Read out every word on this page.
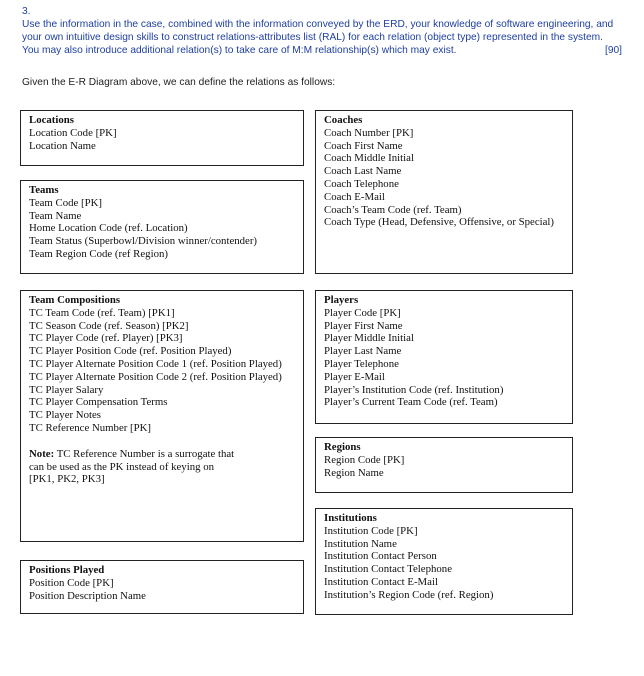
3.
Use the information in the case, combined with the information conveyed by the ERD, your knowledge of software engineering, and your own intuitive design skills to construct relations-attributes list (RAL) for each relation (object type) represented in the system. You may also introduce additional relation(s) to take care of M:M relationship(s) which may exist.	[90]
Given the E-R Diagram above, we can define the relations as follows:
Locations
Location Code [PK]
Location Name
Teams
Team Code [PK]
Team Name
Home Location Code (ref. Location)
Team Status (Superbowl/Division winner/contender)
Team Region Code (ref Region)
Coaches
Coach Number [PK]
Coach First Name
Coach Middle Initial
Coach Last Name
Coach Telephone
Coach E-Mail
Coach’s Team Code (ref. Team)
Coach Type (Head, Defensive, Offensive, or Special)
Team Compositions
TC Team Code (ref. Team) [PK1]
TC Season Code (ref. Season) [PK2]
TC Player Code (ref. Player) [PK3]
TC Player Position Code (ref. Position Played)
TC Player Alternate Position Code 1 (ref. Position Played)
TC Player Alternate Position Code 2 (ref. Position Played)
TC Player Salary
TC Player Compensation Terms
TC Player Notes
TC Reference Number [PK]
Note: TC Reference Number is a surrogate that
can be used as the PK instead of keying on
[PK1, PK2, PK3]
Players
Player Code [PK]
Player First Name
Player Middle Initial
Player Last Name
Player Telephone
Player E-Mail
Player’s Institution Code (ref. Institution)
Player’s Current Team Code (ref. Team)
Regions
Region Code [PK]
Region Name
Positions Played
Position Code [PK]
Position Description Name
Institutions
Institution Code [PK]
Institution Name
Institution Contact Person
Institution Contact Telephone
Institution Contact E-Mail
Institution’s Region Code (ref. Region)
